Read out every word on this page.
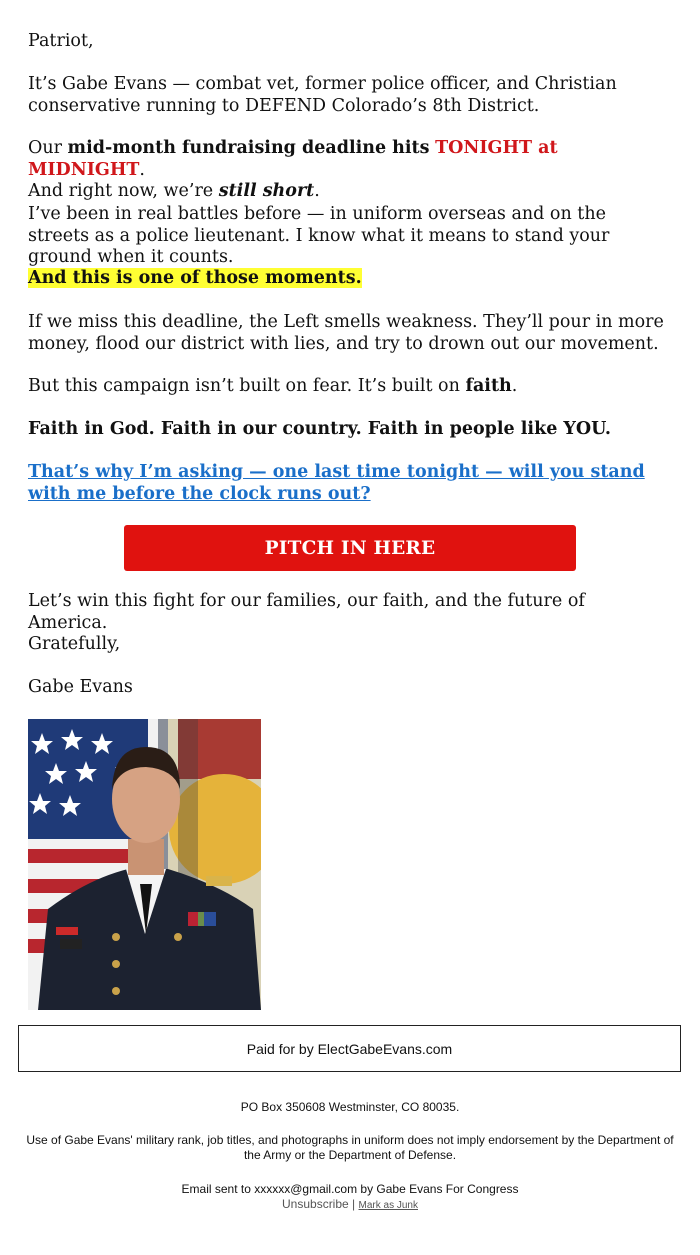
Patriot,

It’s Gabe Evans — combat vet, former police officer, and Christian conservative running to DEFEND Colorado’s 8th District.

Our mid-month fundraising deadline hits TONIGHT at MIDNIGHT.
And right now, we’re still short.

I’ve been in real battles before — in uniform overseas and on the streets as a police lieutenant. I know what it means to stand your ground when it counts.

And this is one of those moments.

If we miss this deadline, the Left smells weakness. They’ll pour in more money, flood our district with lies, and try to drown out our movement.

But this campaign isn’t built on fear. It’s built on faith.

Faith in God. Faith in our country. Faith in people like YOU.

That’s why I’m asking — one last time tonight — will you stand with me before the clock runs out?

Let’s win this fight for our families, our faith, and the future of America.

Gratefully,

Gabe Evans

PITCH IN HERE
Paid for by ElectGabeEvans.com
PO Box 350608 Westminster, CO 80035.
Use of Gabe Evans' military rank, job titles, and photographs in uniform does not imply endorsement by the Department of the Army or the Department of Defense.
Email sent to xxxxxx@gmail.com by Gabe Evans For Congress
Unsubscribe | Mark as Junk
